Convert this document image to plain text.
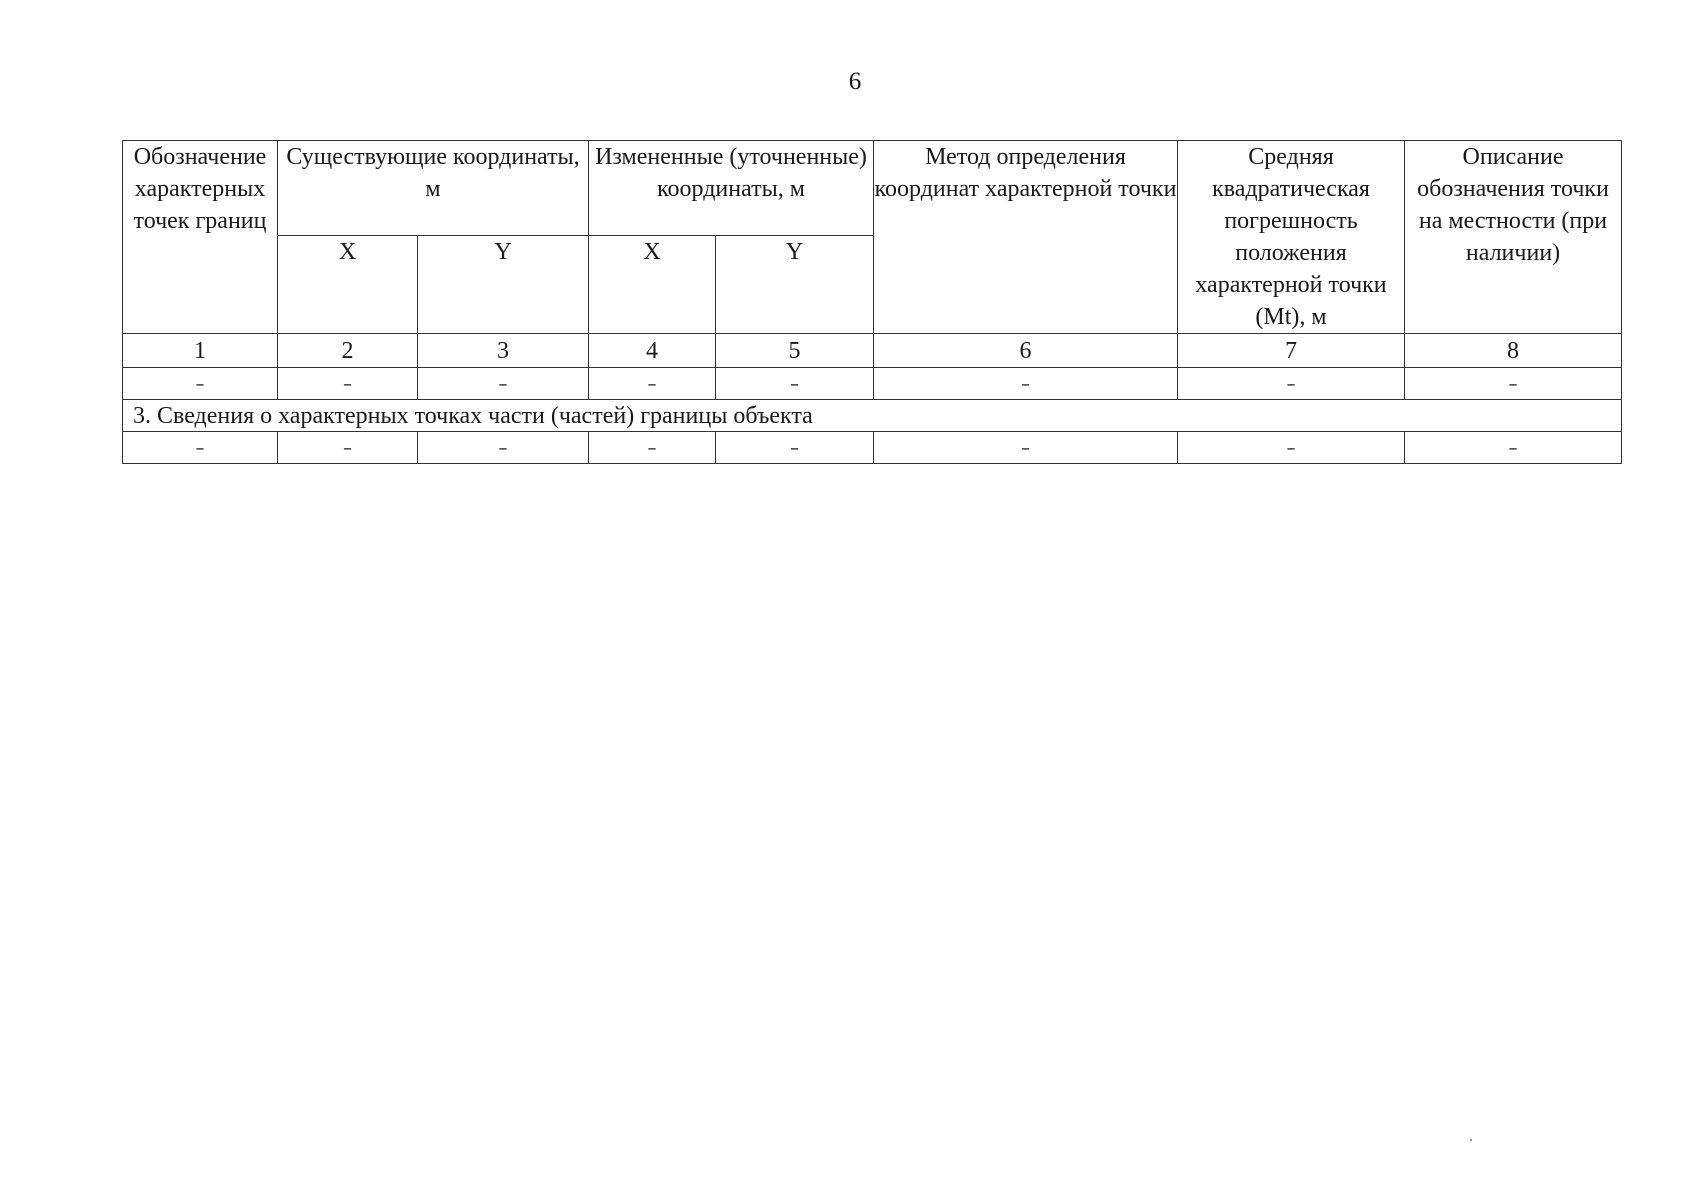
6
Обозначение характерных точек границ	Существующие координаты, м		Измененные (уточненные) координаты, м		Метод определения координат характерной точки	Средняя квадратическая погрешность положения характерной точки (Mt), м	Описание обозначения точки на местности (при наличии)
	X	Y	X	Y			
1	2	3	4	5	6	7	8
–	–	–	–	–	–	–	–
3. Сведения о характерных точках части (частей) границы объекта							
–	–	–	–	–	–	–	–
